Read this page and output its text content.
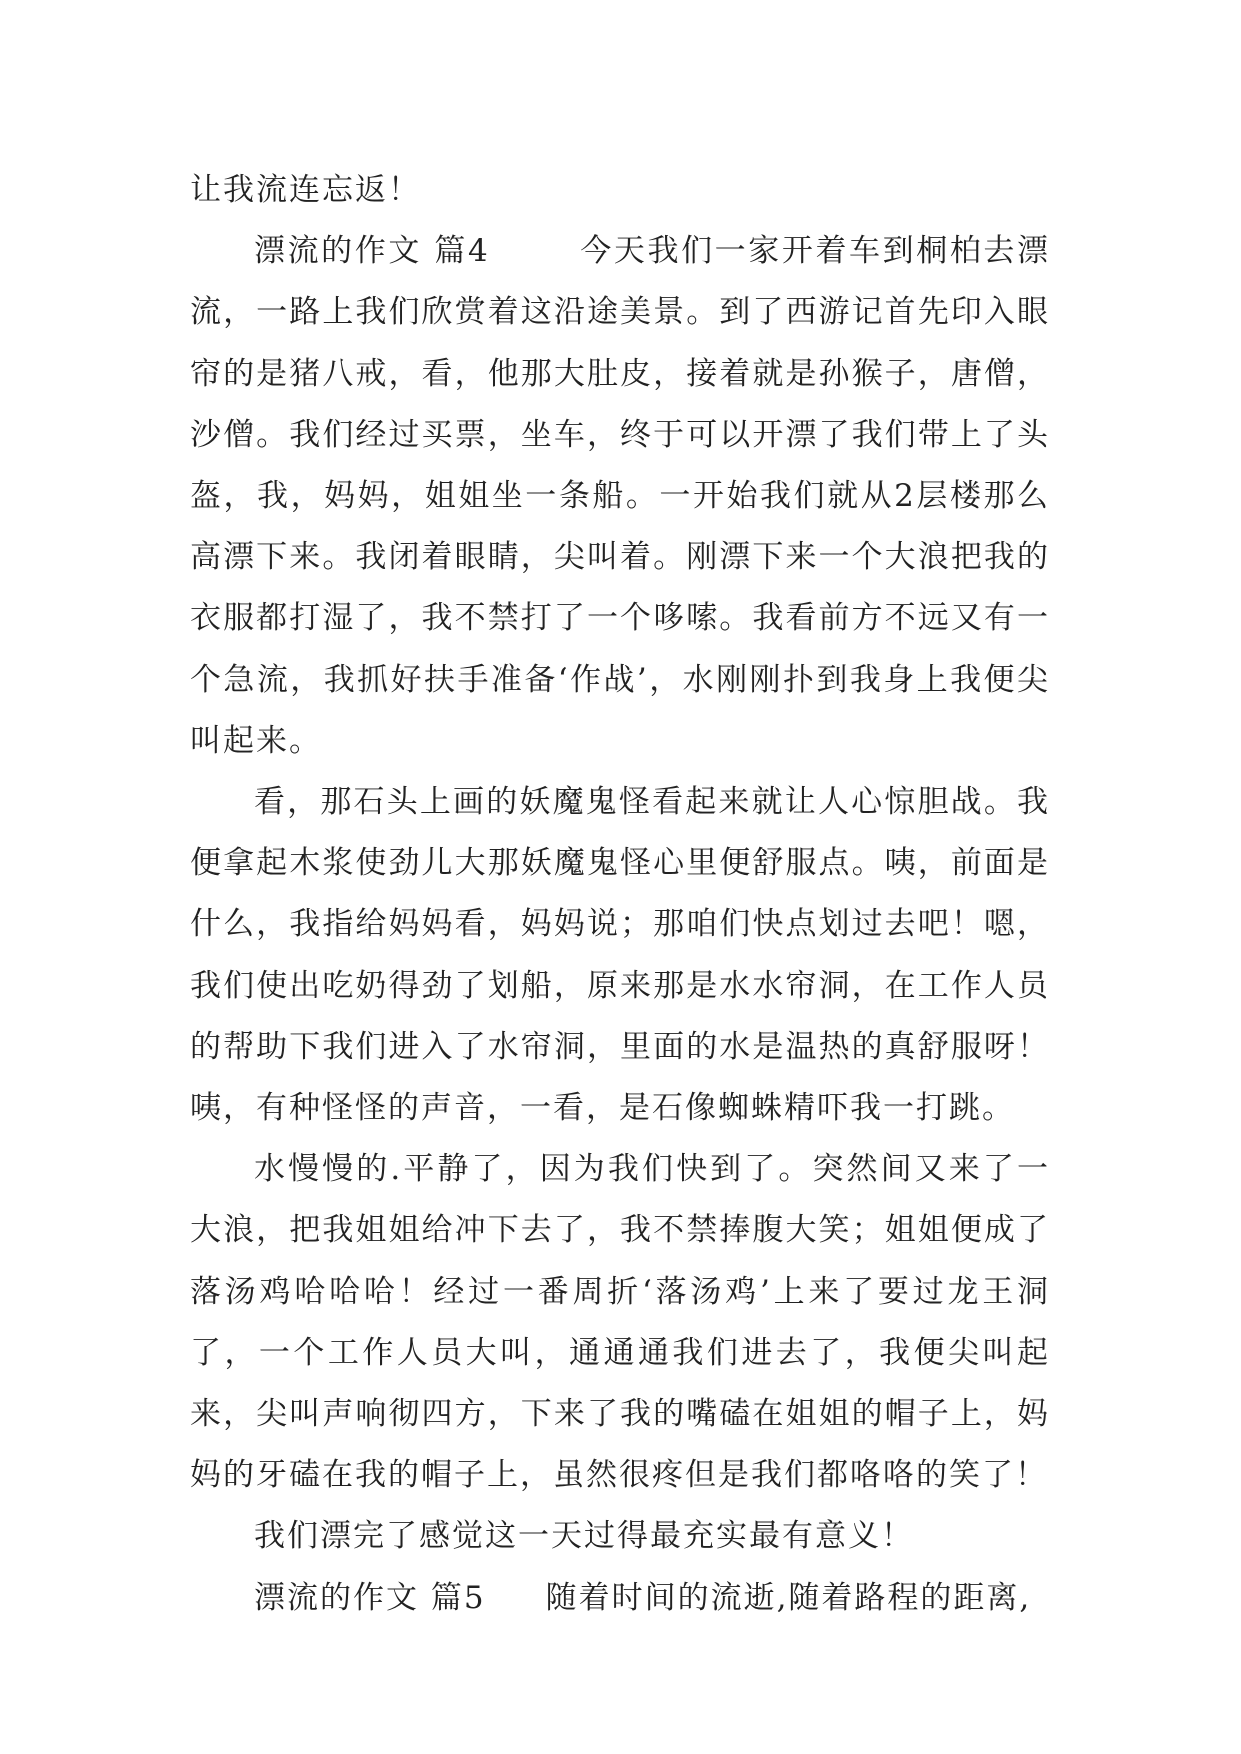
让我流连忘返！

漂流的作文 篇4	今天我们一家开着车到桐柏去漂流，一路上我们欣赏着这沿途美景。到了西游记首先印入眼帘的是猪八戒，看，他那大肚皮，接着就是孙猴子，唐僧，沙僧。我们经过买票，坐车，终于可以开漂了我们带上了头盔，我，妈妈，姐姐坐一条船。一开始我们就从2层楼那么高漂下来。我闭着眼睛，尖叫着。刚漂下来一个大浪把我的衣服都打湿了，我不禁打了一个哆嗦。我看前方不远又有一个急流，我抓好扶手准备‘作战’，水刚刚扑到我身上我便尖叫起来。

看，那石头上画的妖魔鬼怪看起来就让人心惊胆战。我便拿起木浆使劲儿大那妖魔鬼怪心里便舒服点。咦，前面是什么，我指给妈妈看，妈妈说；那咱们快点划过去吧！嗯，我们使出吃奶得劲了划船，原来那是水水帘洞，在工作人员的帮助下我们进入了水帘洞，里面的水是温热的真舒服呀！咦，有种怪怪的声音，一看，是石像蜘蛛精吓我一打跳。

水慢慢的.平静了，因为我们快到了。突然间又来了一大浪，把我姐姐给冲下去了，我不禁捧腹大笑；姐姐便成了落汤鸡哈哈哈！经过一番周折‘落汤鸡’上来了要过龙王洞了，一个工作人员大叫，通通通我们进去了，我便尖叫起来，尖叫声响彻四方，下来了我的嘴磕在姐姐的帽子上，妈妈的牙磕在我的帽子上，虽然很疼但是我们都咯咯的笑了！

我们漂完了感觉这一天过得最充实最有意义！

漂流的作文 篇5 随着时间的流逝,随着路程的距离,
